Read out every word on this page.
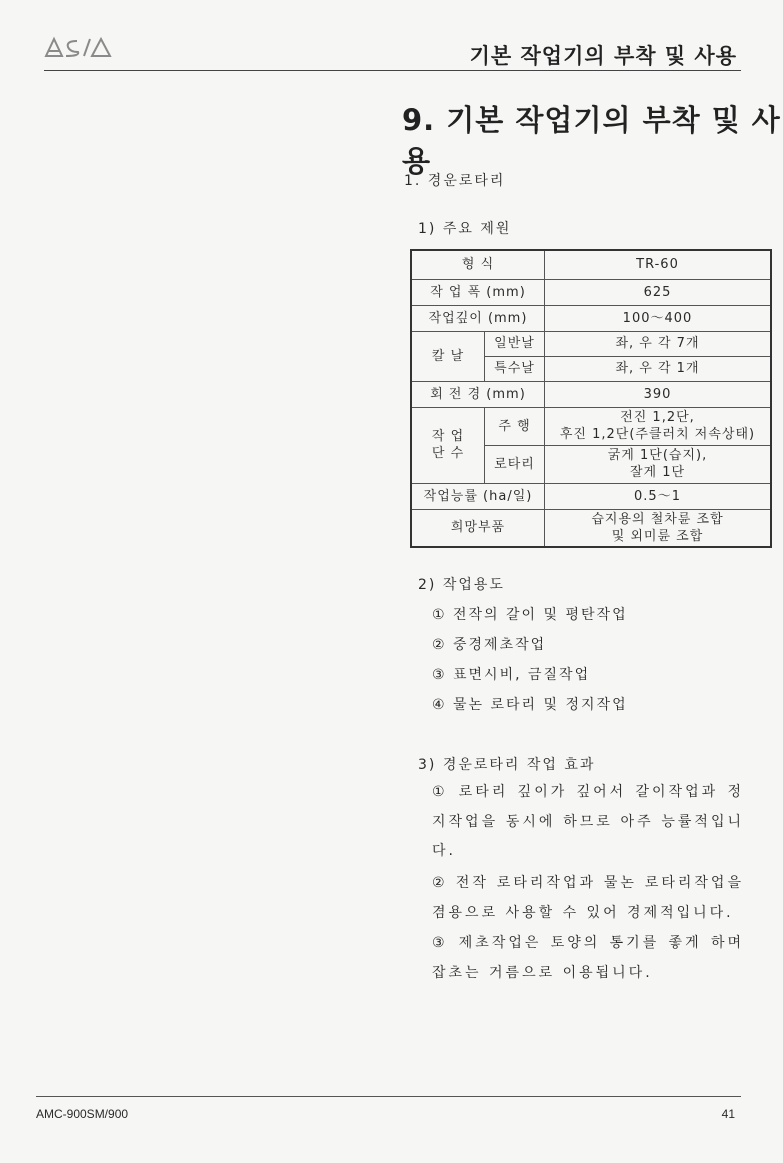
기본 작업기의 부착 및 사용
9. 기본 작업기의 부착 및 사용
1. 경운로타리
1) 주요 제원
형 식		TR-60
작 업 폭 (mm)		625
작업깊이 (mm)		100～400
칼 날	일반날	좌, 우 각 7개
	특수날	좌, 우 각 1개
회 전 경 (mm)		390
작 업
단 수	주 행	전진 1,2단,
후진 1,2단(주클러치 저속상태)
	로타리	굵게 1단(습지),
잘게 1단
작업능률 (ha/일)		0.5～1
희망부품		습지용의 철차륜 조합
및 외미륜 조합
2) 작업용도
① 전작의 갈이 및 평탄작업
② 중경제초작업
③ 표면시비, 금질작업
④ 물논 로타리 및 정지작업
3) 경운로타리 작업 효과
① 로타리 깊이가 깊어서 갈이작업과 정지작업을 동시에 하므로 아주 능률적입니다.
② 전작 로타리작업과 물논 로타리작업을 겸용으로 사용할 수 있어 경제적입니다.
③ 제초작업은 토양의 통기를 좋게 하며 잡초는 거름으로 이용됩니다.
AMC-900SM/900	41
